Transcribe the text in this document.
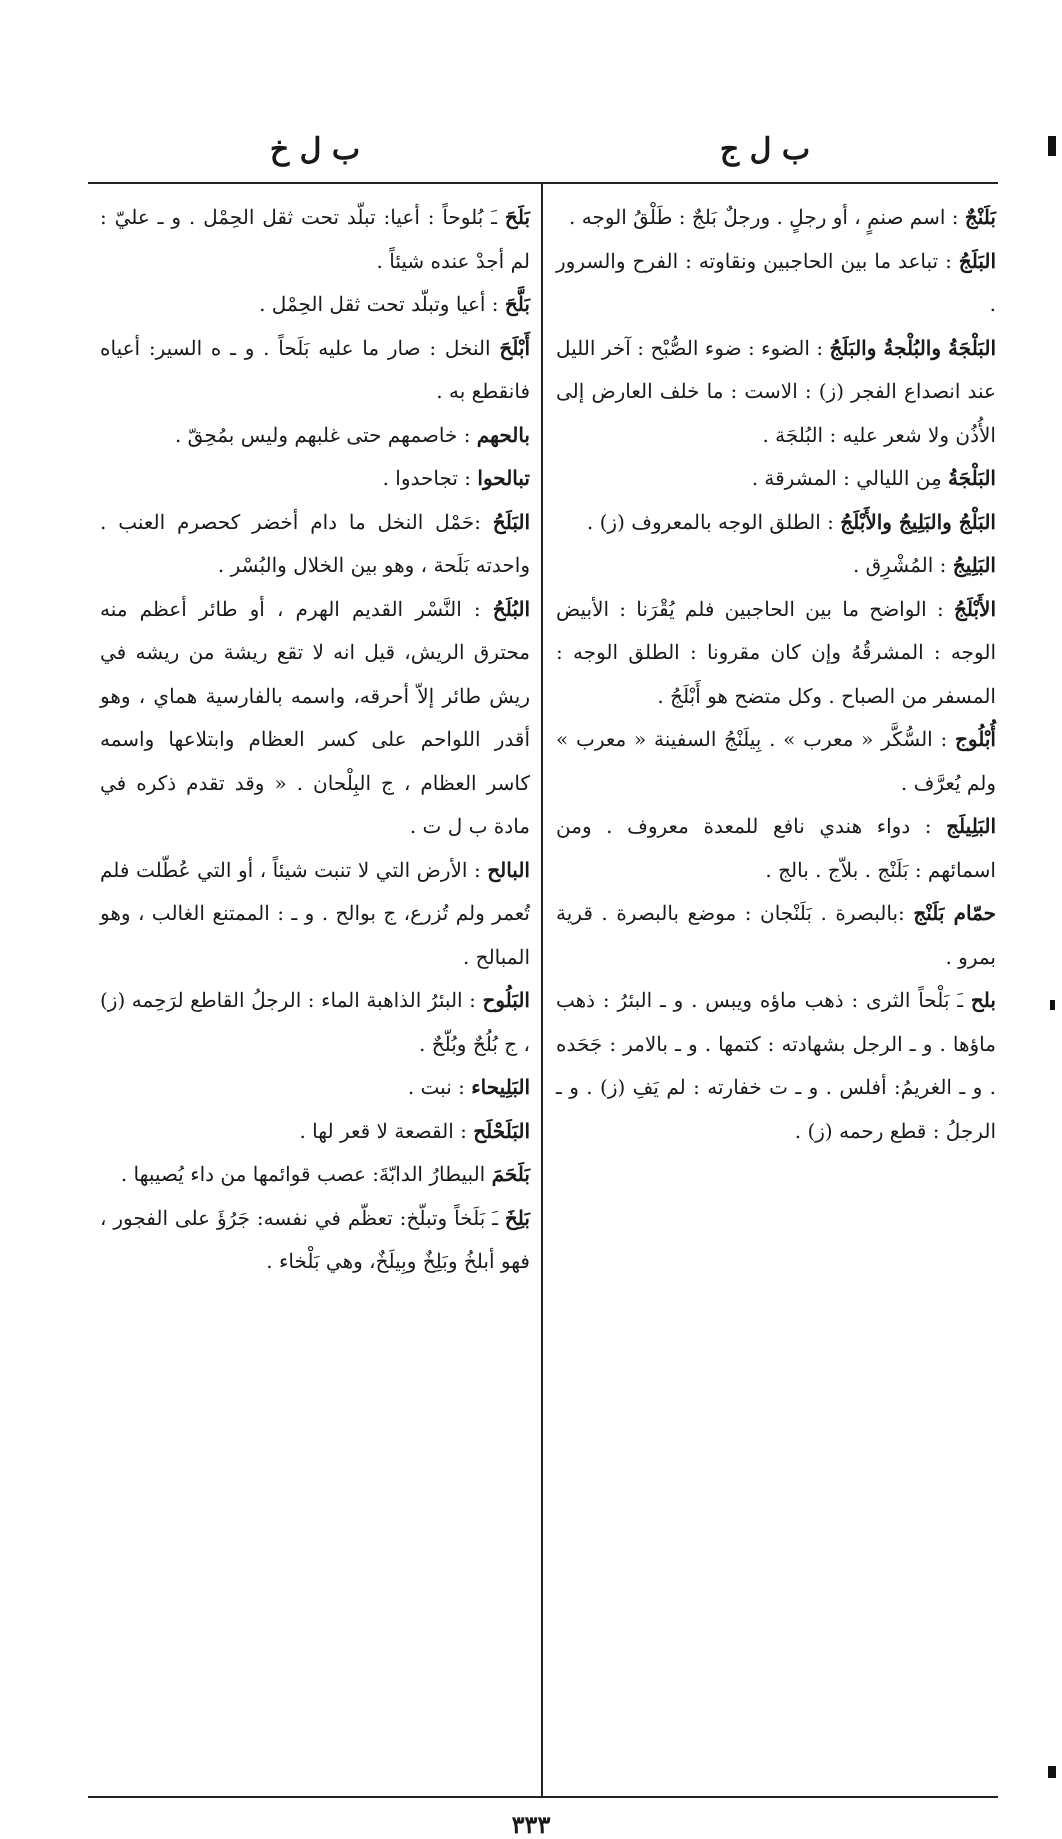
ب ل ج
ب ل خ

بَلَنْجٌ : اسم صنمٍ ، أو رجلٍ . ورجلٌ بَلجٌ : طَلْقُ الوجه .

البَلَجُ : تباعد ما بين الحاجبين ونقاوته : الفرح والسرور .

البَلْجَةُ والبُلْجةُ والبَلَجُ : الضوء : ضوء الصُّبْح : آخر الليل عند انصداع الفجر (ز) : الاست : ما خلف العارض إلى الأُذُن ولا شعر عليه : البُلجَة .

البَلْجَةُ مِن الليالي : المشرقة .

البَلْجُ والبَلِيجُ والأَبْلَجُ : الطلق الوجه بالمعروف (ز) .

البَلِيجُ : المُشْرِق .

الأَبْلَجُ : الواضح ما بين الحاجبين فلم يُقْرَنا : الأبيض الوجه : المشرقُهُ وإن كان مقرونا : الطلق الوجه : المسفر من الصباح . وكل متضح هو أَبْلَجُ .

أُبْلُوج : السُّكَّر « معرب » . بِيلَنْجُ السفينة « معرب » ولم يُعرَّف .

البَلِيلَج : دواء هندي نافع للمعدة معروف . ومن اسمائهم : بَلَنْج . بلاّج . بالج .

حمّام بَلَنْج :بالبصرة . بَلَنْجان : موضع بالبصرة . قرية بمرو .

بلح ـَ بَلْحاً الثرى : ذهب ماؤه ويبس . و ـ البئرُ : ذهب ماؤها . و ـ الرجل بشهادته : كتمها . و ـ بالامر : جَحَده . و ـ الغريمُ: أفلس . و ـ ت خفارته : لم يَفِ (ز) . و ـ الرجلُ : قطع رحمه (ز) .

بَلَحَ ـَ بُلوحاً : أعيا: تبلّد تحت ثقل الحِمْل . و ـ عليّ : لم أجدْ عنده شيئاً .

بَلَّحَ : أعيا وتبلّد تحت ثقل الحِمْل .

أَبْلَحَ النخل : صار ما عليه بَلَحاً . و ـ ه السير: أعياه فانقطع به .

بالحهم : خاصمهم حتى غلبهم وليس بمُحِقّ .

تبالحوا : تجاحدوا .

البَلَحُ :حَمْل النخل ما دام أخضر كحصرم العنب . واحدته بَلَحة ، وهو بين الخلال والبُسْر .

البُلَحُ : النَّسْر القديم الهرم ، أو طائر أعظم منه محترق الريش، قيل انه لا تقع ريشة من ريشه في ريش طائر إلاّ أحرقه، واسمه بالفارسية هماي ، وهو أقدر اللواحم على كسر العظام وابتلاعها واسمه كاسر العظام ، ج البِلْحان . « وقد تقدم ذكره في مادة ب ل ت .

البالح : الأرض التي لا تنبت شيئاً ، أو التي عُطّلت فلم تُعمر ولم تُزرع، ج بوالح . و ـ : الممتنع الغالب ، وهو المبالح .

البَلُوح : البئرُ الذاهبة الماء : الرجلُ القاطع لرَحِمه (ز) ، ج بُلُحٌ وبُلّحٌ .

البَلِيحاء : نبت .

البَلَحْلَح : القصعة لا قعر لها .

بَلَحَمَ البيطارُ الدابّةَ: عصب قوائمها من داء يُصيبها .

بَلِخَ ـَ بَلَخاً وتبلّخ: تعظّم في نفسه: جَرُؤَ على الفجور ، فهو أبلخُ وبَلِخٌ وبِيلَخٌ، وهي بَلْخاء .

٣٣٣
